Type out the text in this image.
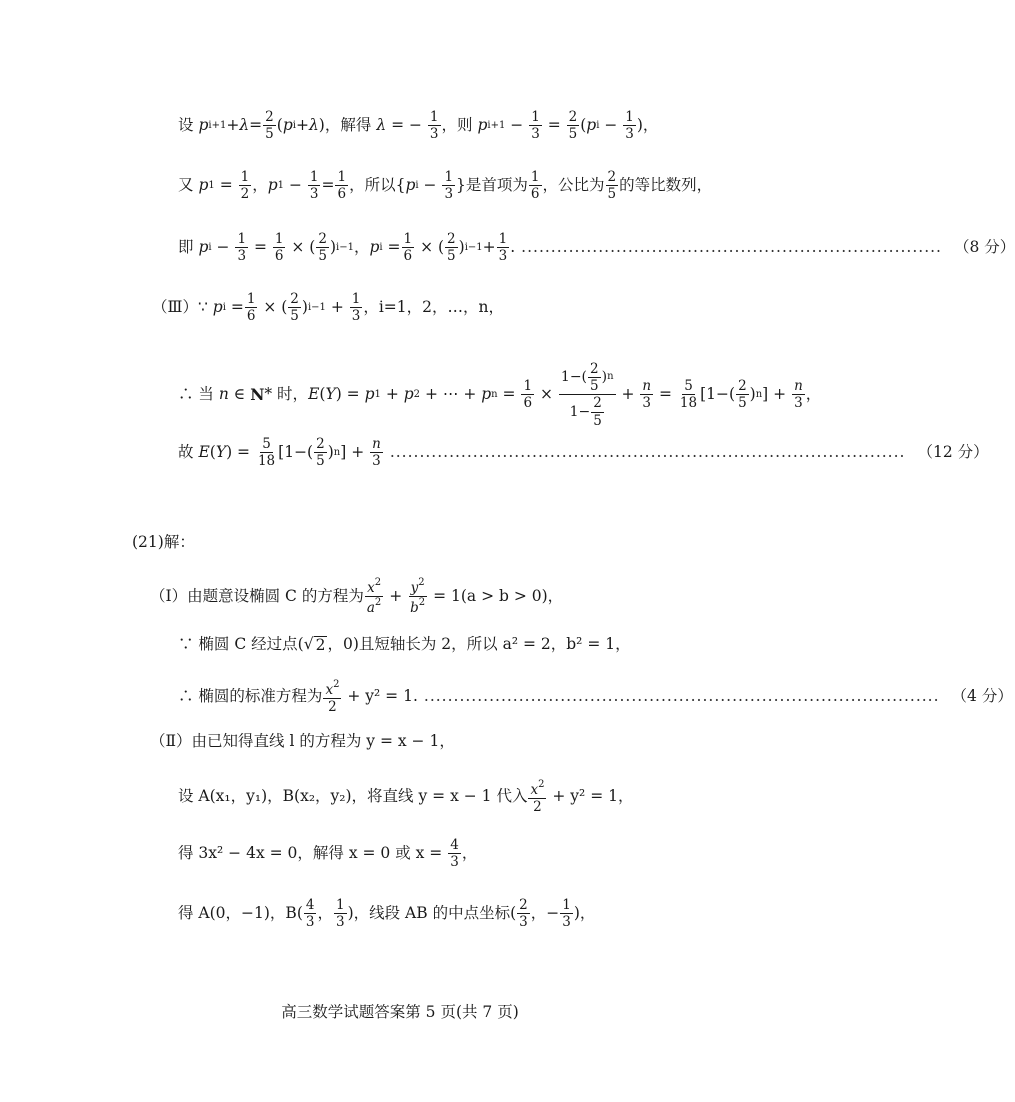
设
p $i+1 + \lambda = \frac{2}{5}$ ( p i + λ ) ，解得
λ = − $\frac{1}{3}$ ，则
p $i+1 - \frac{1}{3} = \frac{2}{5}$ ( p $i - \frac{1}{3}$ )，
又
p $1 = \frac{1}{2}$ ， p $1 - \frac{1}{3} = \frac{1}{6}$ ，所以 { p $i - \frac{1}{3}$ } 是首项为 $\frac{1}{6}$ ，公比为 $\frac{2}{5}$ 的等比数列，
即
p $i - \frac{1}{3} = \frac{1}{6}$ × ( $\frac{2}{5}$ ) i−1 ， p $i = \frac{1}{6}$ × ( $\frac{2}{5}$ ) $i-1 + \frac{1}{3}$ . ....................................................................... （8 分）
（Ⅲ） ∵ p $i = \frac{1}{6}$ × ( $\frac{2}{5}$ ) $i-1 + \frac{1}{3}$ ，i=1，2，…，n，
∴ 当
n ∈ N * 时， E ( Y ) = p 1 + p 2 + ⋯ + p $n = \frac{1}{6} \times \frac{1-( \frac{2}{5} ) n}{1- \frac{2}{5}} + \frac{n}{3} = \frac{5}{18} [1-( \frac{2}{5}$ ) n ] + $\frac{n}{3}$ ，
故
E ( Y ) = $\frac{5}{18} [1-( \frac{2}{5}$ ) n ] + $\frac{n}{3}$ ....................................................................................... （12 分）
(21)解：
（Ⅰ） 由题意设椭圆 C 的方程为 $\frac{x^2}{a^2} + \frac{y^2}{b^2} = 1$ (a > b > 0)，
∵ 椭圆 C 经过点( √ 2 ，0)且短轴长为 2，所以 a² = 2，b² = 1，
∴ 椭圆的标准方程为 $\frac{x^2}{2}$
+ y² = 1. ....................................................................................... （4 分）
（Ⅱ） 由已知得直线 l 的方程为 y = x − 1，
设 A(x₁，y₁)，B(x₂，y₂)，将直线 y = x − 1 代入 $\frac{x^2}{2}$
+ y² = 1，
得 3x² − 4x = 0，解得 x = 0 或 x =
$\frac{4}{3}$ ，
得 A(0，−1)，$B( \frac{4}{3}$ ， $\frac{1}{3}$ )，线段 AB 的中点坐标( $\frac{2}{3}$ ，− $\frac{1}{3}$ )，
高三数学试题答案第 5 页(共 7 页)
